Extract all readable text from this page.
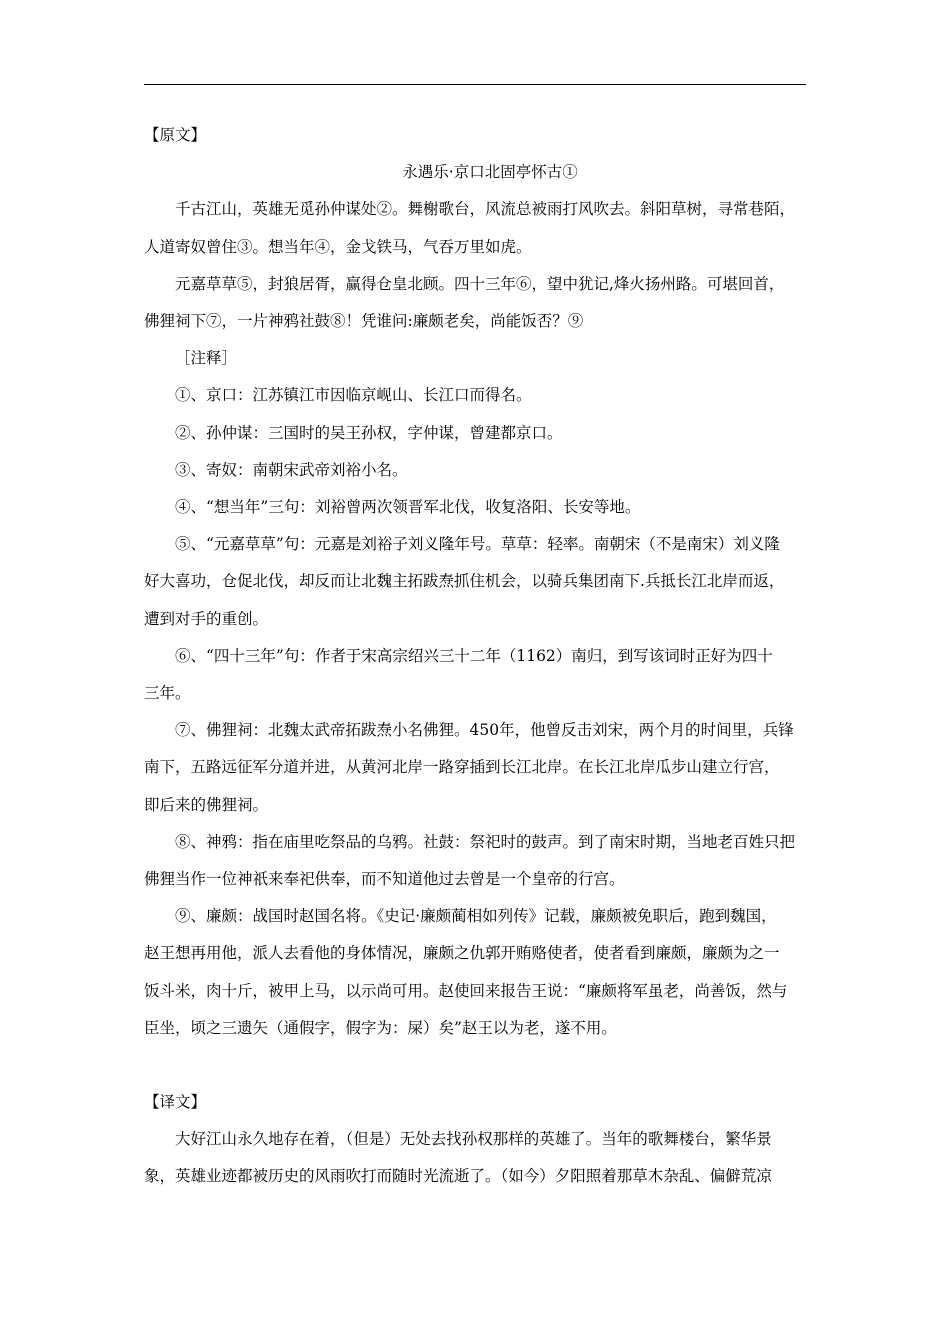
【原文】

永遇乐·京口北固亭怀古①

千古江山，英雄无觅孙仲谋处②。舞榭歌台，风流总被雨打风吹去。斜阳草树，寻常巷陌，

人道寄奴曾住③。想当年④，金戈铁马，气吞万里如虎。

元嘉草草⑤，封狼居胥，赢得仓皇北顾。四十三年⑥，望中犹记,烽火扬州路。可堪回首，

佛狸祠下⑦，一片神鸦社鼓⑧！凭谁问:廉颇老矣，尚能饭否？⑨

［注释］

①、京口：江苏镇江市因临京岘山、长江口而得名。

②、孙仲谋：三国时的吴王孙权，字仲谋，曾建都京口。

③、寄奴：南朝宋武帝刘裕小名。

④、“想当年”三句：刘裕曾两次领晋军北伐，收复洛阳、长安等地。

⑤、“元嘉草草”句：元嘉是刘裕子刘义隆年号。草草：轻率。南朝宋（不是南宋）刘义隆

好大喜功，仓促北伐，却反而让北魏主拓跋焘抓住机会，以骑兵集团南下.兵抵长江北岸而返，

遭到对手的重创。

⑥、“四十三年”句：作者于宋高宗绍兴三十二年（1162）南归，到写该词时正好为四十

三年。

⑦、佛狸祠：北魏太武帝拓跋焘小名佛狸。450年，他曾反击刘宋，两个月的时间里，兵锋

南下，五路远征军分道并进，从黄河北岸一路穿插到长江北岸。在长江北岸瓜步山建立行宫，

即后来的佛狸祠。

⑧、神鸦：指在庙里吃祭品的乌鸦。社鼓：祭祀时的鼓声。到了南宋时期，当地老百姓只把

佛狸当作一位神祇来奉祀供奉，而不知道他过去曾是一个皇帝的行宫。

⑨、廉颇：战国时赵国名将。《史记·廉颇蔺相如列传》记载，廉颇被免职后，跑到魏国，

赵王想再用他，派人去看他的身体情况，廉颇之仇郭开贿赂使者，使者看到廉颇，廉颇为之一

饭斗米，肉十斤，被甲上马，以示尚可用。赵使回来报告王说：“廉颇将军虽老，尚善饭，然与

臣坐，顷之三遗矢（通假字，假字为：屎）矣”赵王以为老，遂不用。

【译文】

大好江山永久地存在着，（但是）无处去找孙权那样的英雄了。当年的歌舞楼台，繁华景

象，英雄业迹都被历史的风雨吹打而随时光流逝了。（如今）夕阳照着那草木杂乱、偏僻荒凉
